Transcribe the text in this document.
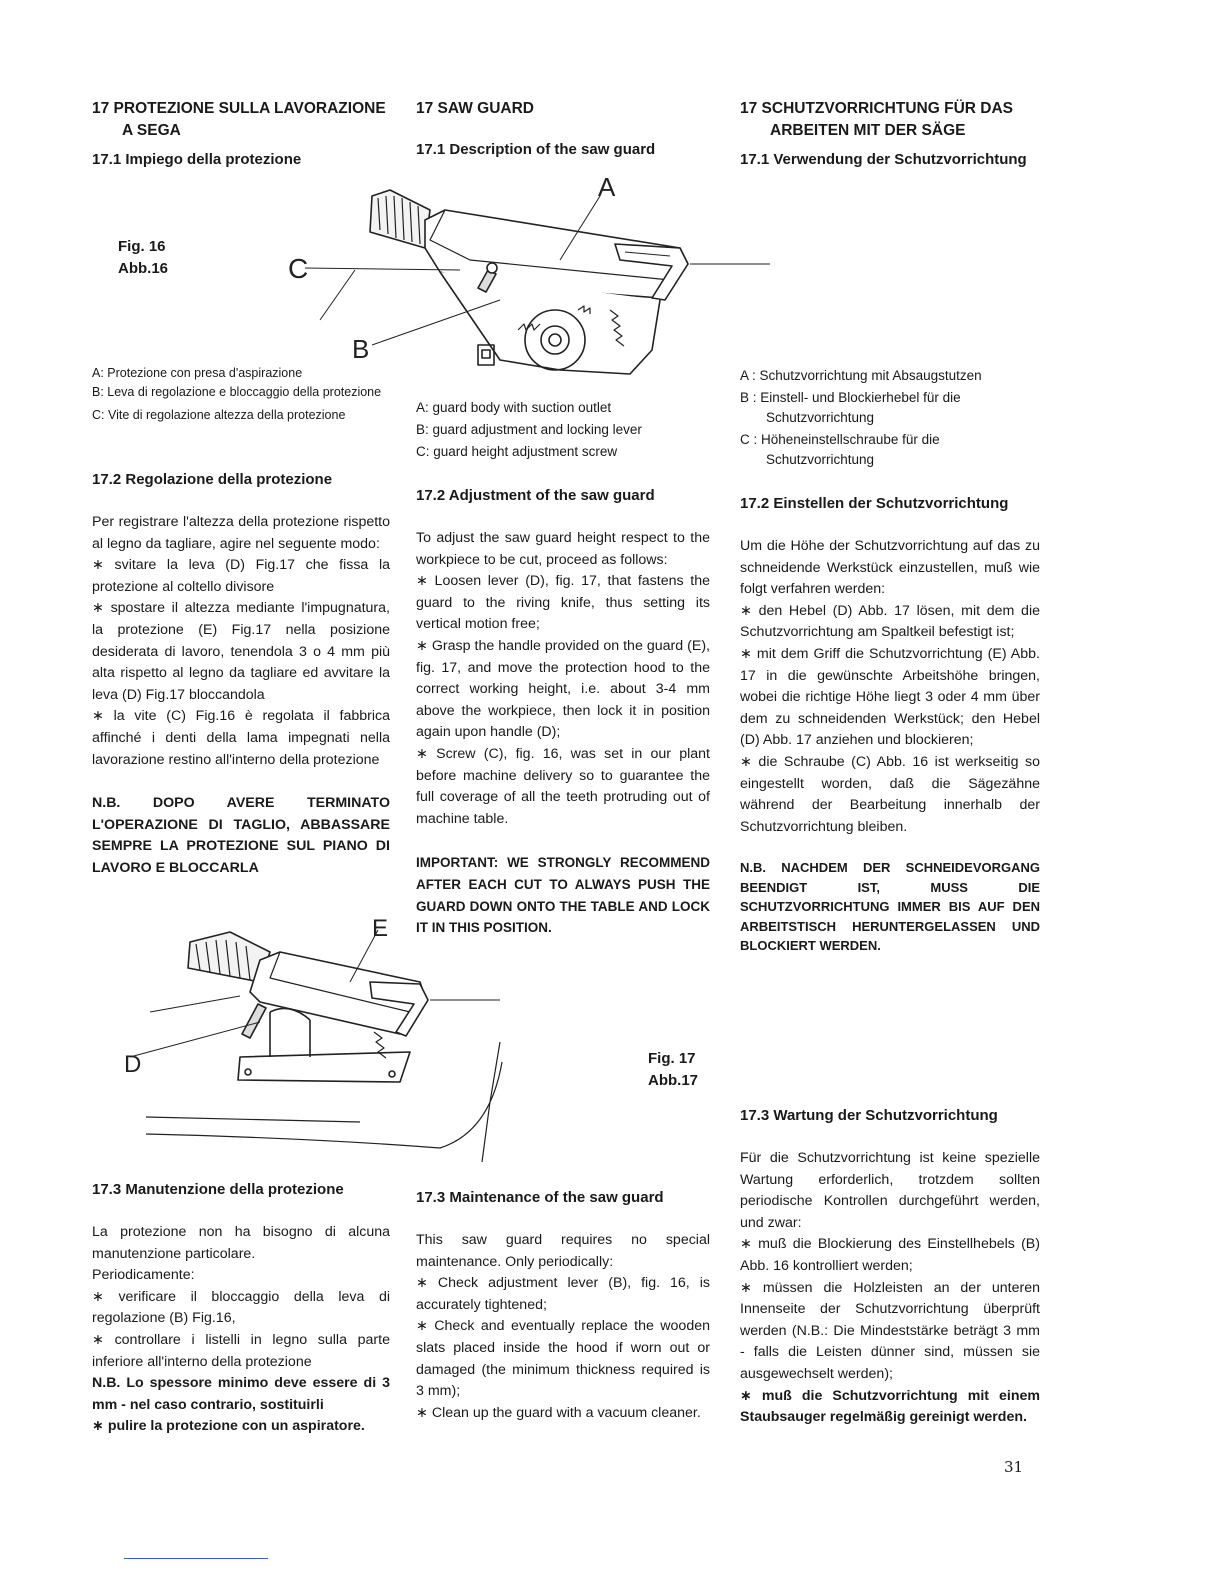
17 PROTEZIONE SULLA LAVORAZIONE
A SEGA
17.1 Impiego della protezione
A: Protezione con presa d'aspirazione
B: Leva di regolazione e bloccaggio della protezione
C: Vite di regolazione altezza della protezione
17.2 Regolazione della protezione

Per registrare l'altezza della protezione rispetto al legno da tagliare, agire nel seguente modo:

∗ svitare la leva (D) Fig.17 che fissa la protezione al coltello divisore

∗ spostare il altezza mediante l'impugnatura, la protezione (E) Fig.17 nella posizione desiderata di lavoro, tenendola 3 o 4 mm più alta rispetto al legno da tagliare ed avvitare la leva (D) Fig.17 bloccandola

∗ la vite (C) Fig.16 è regolata il fabbrica affinché i denti della lama impegnati nella lavorazione restino all'interno della protezione

N.B. DOPO AVERE TERMINATO L'OPERAZIONE DI TAGLIO, ABBASSARE SEMPRE LA PROTEZIONE SUL PIANO DI LAVORO E BLOCCARLA

17.3 Manutenzione della protezione

La protezione non ha bisogno di alcuna manutenzione particolare.

Periodicamente:

∗ verificare il bloccaggio della leva di regolazione (B) Fig.16,

∗ controllare i listelli in legno sulla parte inferiore all'interno della protezione

N.B. Lo spessore minimo deve essere di 3 mm - nel caso contrario, sostituirli

∗ pulire la protezione con un aspiratore.

17 SAW GUARD
17.1 Description of the saw guard
A: guard body with suction outlet
B: guard adjustment and locking lever
C: guard height adjustment screw
17.2 Adjustment of the saw guard

To adjust the saw guard height respect to the workpiece to be cut, proceed as follows:

∗ Loosen lever (D), fig. 17, that fastens the guard to the riving knife, thus setting its vertical motion free;

∗ Grasp the handle provided on the guard (E), fig. 17, and move the protection hood to the correct working height, i.e. about 3-4 mm above the workpiece, then lock it in position again upon handle (D);

∗ Screw (C), fig. 16, was set in our plant before machine delivery so to guarantee the full coverage of all the teeth protruding out of machine table.

IMPORTANT: WE STRONGLY RECOMMEND AFTER EACH CUT TO ALWAYS PUSH THE GUARD DOWN ONTO THE TABLE AND LOCK IT IN THIS POSITION.

17.3 Maintenance of the saw guard

This saw guard requires no special maintenance. Only periodically:

∗ Check adjustment lever (B), fig. 16, is accurately tightened;

∗ Check and eventually replace the wooden slats placed inside the hood if worn out or damaged (the minimum thickness required is 3 mm);

∗ Clean up the guard with a vacuum cleaner.

17 SCHUTZVORRICHTUNG FÜR DAS
ARBEITEN MIT DER SÄGE
17.1 Verwendung der Schutzvorrichtung
A : Schutzvorrichtung mit Absaugstutzen
B : Einstell- und Blockierhebel für die Schutzvorrichtung
C : Höheneinstellschraube für die Schutzvorrichtung
17.2 Einstellen der Schutzvorrichtung

Um die Höhe der Schutzvorrichtung auf das zu schneidende Werkstück einzustellen, muß wie folgt verfahren werden:

∗ den Hebel (D) Abb. 17 lösen, mit dem die Schutzvorrichtung am Spaltkeil befestigt ist;

∗ mit dem Griff die Schutzvorrichtung (E) Abb. 17 in die gewünschte Arbeitshöhe bringen, wobei die richtige Höhe liegt 3 oder 4 mm über dem zu schneidenden Werkstück; den Hebel (D) Abb. 17 anziehen und blockieren;

∗ die Schraube (C) Abb. 16 ist werkseitig so eingestellt worden, daß die Sägezähne während der Bearbeitung innerhalb der Schutzvorrichtung bleiben.

N.B. NACHDEM DER SCHNEIDEVORGANG BEENDIGT IST, MUSS DIE SCHUTZVORRICHTUNG IMMER BIS AUF DEN ARBEITSTISCH HERUNTERGELASSEN UND BLOCKIERT WERDEN.

17.3 Wartung der Schutzvorrichtung

Für die Schutzvorrichtung ist keine spezielle Wartung erforderlich, trotzdem sollten periodische Kontrollen durchgeführt werden, und zwar:

∗ muß die Blockierung des Einstellhebels (B) Abb. 16 kontrolliert werden;

∗ müssen die Holzleisten an der unteren Innenseite der Schutzvorrichtung überprüft werden (N.B.: Die Mindeststärke beträgt 3 mm - falls die Leisten dünner sind, müssen sie ausgewechselt werden);

∗ muß die Schutzvorrichtung mit einem Staubsauger regelmäßig gereinigt werden.

Fig. 16
Abb.16
A
C
B
E
D	Fig. 17
Abb.17
31
